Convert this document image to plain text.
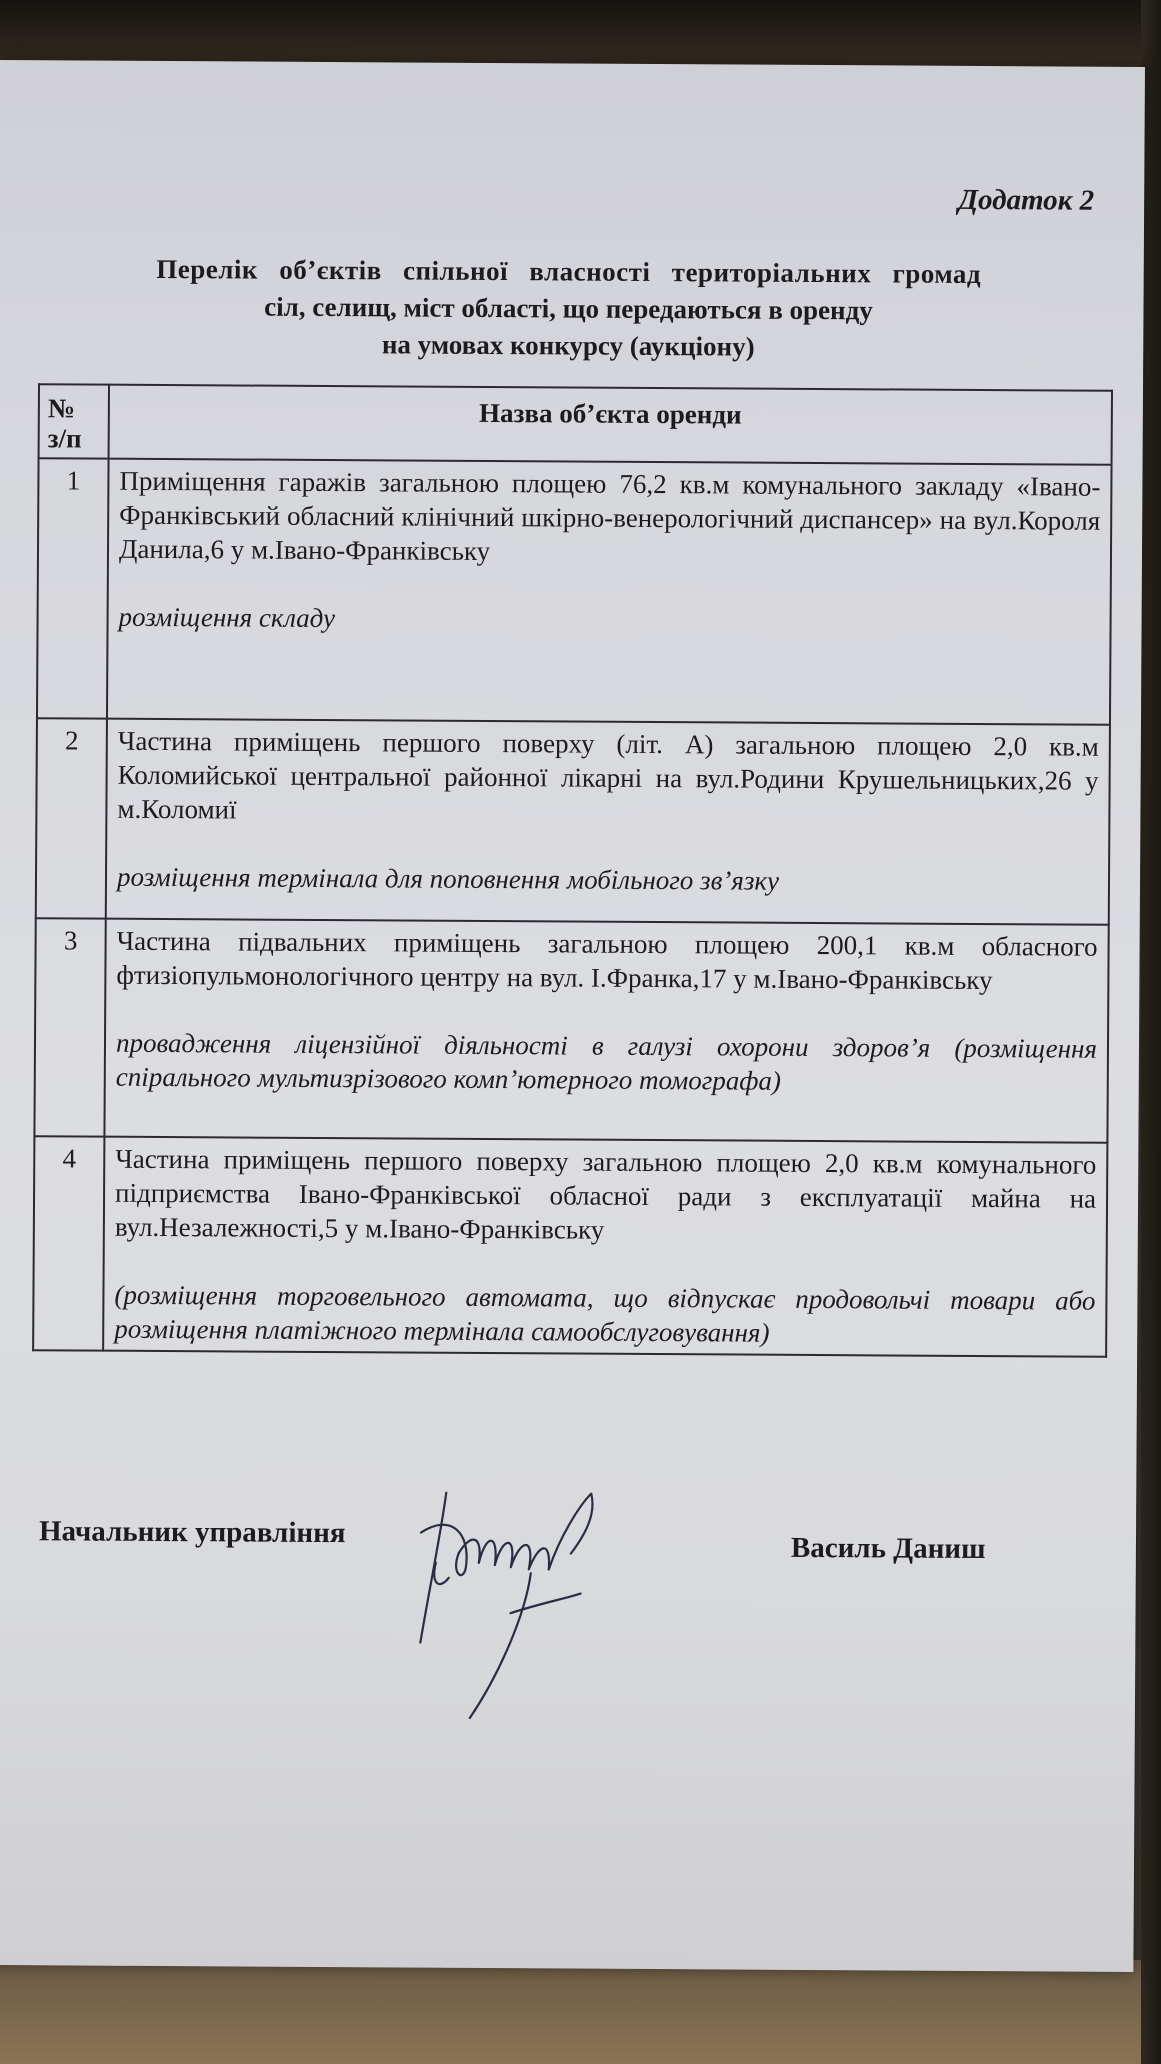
Додаток 2
Перелік об’єктів спільної власності територіальних громад
сіл, селищ, міст області, що передаються в оренду
на умовах конкурсу (аукціону)
№ з/п	Назва об’єкта оренди
1	Приміщення гаражів загальною площею 76,2 кв.м комунального закладу «Івано-Франківський обласний клінічний шкірно-венерологічний диспансер» на вул.Короля Данила,6 у м.Івано-Франківську

розміщення складу

2	Частина приміщень першого поверху (літ. А) загальною площею 2,0 кв.м Коломийської центральної районної лікарні на вул.Родини Крушельницьких,26 у м.Коломиї

розміщення термінала для поповнення мобільного зв’язку

3	Частина підвальних приміщень загальною площею 200,1 кв.м обласного фтизіопульмонологічного центру на вул. І.Франка,17 у м.Івано-Франківську

провадження ліцензійної діяльності в галузі охорони здоров’я (розміщення спірального мультизрізового комп’ютерного томографа)

4	Частина приміщень першого поверху загальною площею 2,0 кв.м комунального підприємства Івано-Франківської обласної ради з експлуатації майна на вул.Незалежності,5 у м.Івано-Франківську

(розміщення торговельного автомата, що відпускає продовольчі товари або розміщення платіжного термінала самообслуговування)

Начальник управління	Василь Даниш
